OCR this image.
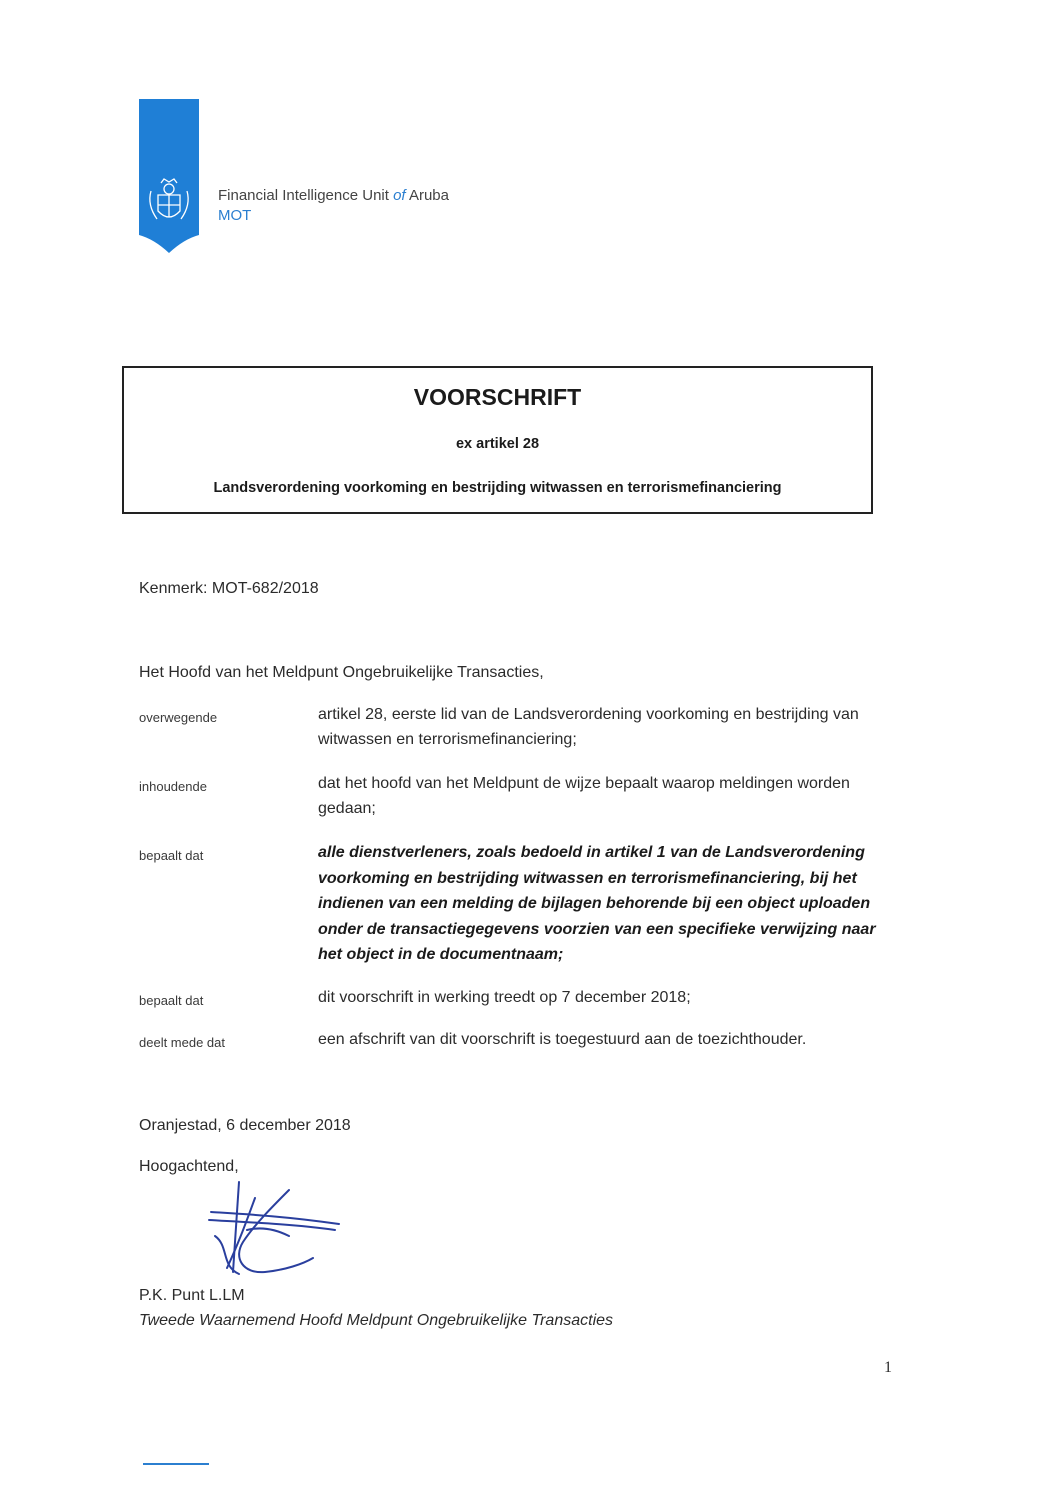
Financial Intelligence Unit of Aruba
MOT
VOORSCHRIFT
ex artikel 28
Landsverordening voorkoming en bestrijding witwassen en terrorismefinanciering
Kenmerk: MOT-682/2018
Het Hoofd van het Meldpunt Ongebruikelijke Transacties,
overwegende	artikel 28, eerste lid van de Landsverordening voorkoming en bestrijding van
witwassen en terrorismefinanciering;
inhoudende	dat het hoofd van het Meldpunt de wijze bepaalt waarop meldingen worden
gedaan;
bepaalt dat	alle dienstverleners, zoals bedoeld in artikel 1 van de Landsverordening
voorkoming en bestrijding witwassen en terrorismefinanciering, bij het
indienen van een melding de bijlagen behorende bij een object uploaden
onder de transactiegegevens voorzien van een specifieke verwijzing naar
het object in de documentnaam;
bepaalt dat	dit voorschrift in werking treedt op 7 december 2018;
deelt mede dat	een afschrift van dit voorschrift is toegestuurd aan de toezichthouder.
Oranjestad, 6 december 2018
Hoogachtend,
P.K. Punt L.LM
Tweede Waarnemend Hoofd Meldpunt Ongebruikelijke Transacties
1
